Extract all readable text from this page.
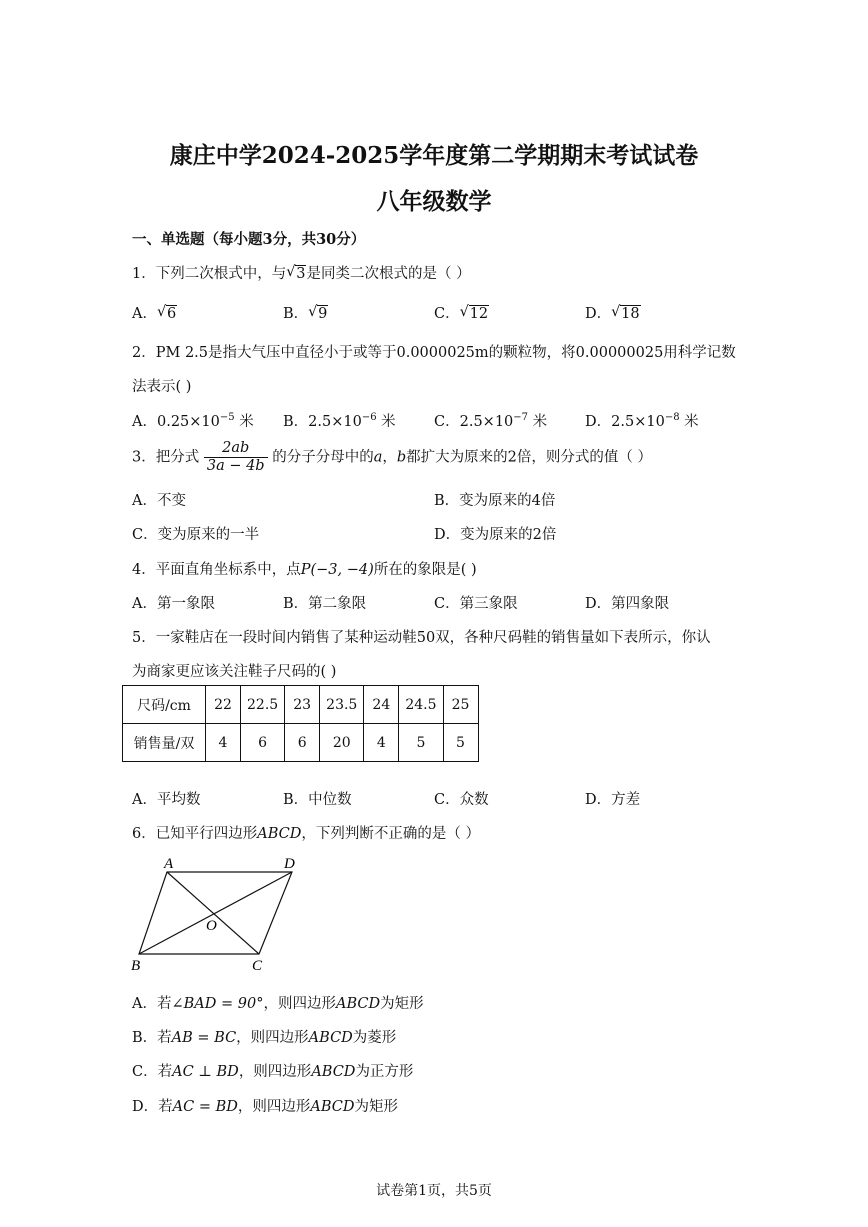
康庄中学2024-2025学年度第二学期期末考试试卷
八年级数学
一、单选题（每小题3分，共30分）
1．下列二次根式中，与 √ 3是同类二次根式的是（ ）
A． √ 6	B． √ 9	C． √ 12	D． √ 18
2．PM 2.5是指大气压中直径小于或等于0.0000025m的颗粒物，将0.00000025用科学记数
法表示( )
A．$0.25\times 10^{-5}$ 米 B．$2.5\times 10^{-6}$ 米	C．$2.5\times 10^{-7}$ 米	D．$2.5\times 10^{-8}$ 米
3．把分式 $\frac{2ab}{3a - 4b}$ 的分子分母中的a，b都扩大为原来的2倍，则分式的值（ ）
A．不变	B．变为原来的4倍
C．变为原来的一半	D．变为原来的2倍
4．平面直角坐标系中，点P(−3, −4)所在的象限是( )
A．第一象限	B．第二象限	C．第三象限	D．第四象限
5．一家鞋店在一段时间内销售了某种运动鞋50双，各种尺码鞋的销售量如下表所示，你认
为商家更应该关注鞋子尺码的( )
尺码/cm	22	22.5	23	23.5	24	24.5	25
销售量/双	4	6	6	20	4	5	5
A．平均数	B．中位数	C．众数	D．方差
6．已知平行四边形ABCD，下列判断不正确的是（ ）
A	D
B	C
O
A．若∠BAD = 90°，则四边形ABCD为矩形
B．若AB = BC，则四边形ABCD为菱形
C．若AC ⊥ BD，则四边形ABCD为正方形
D．若AC = BD，则四边形ABCD为矩形
试卷第1页，共5页
